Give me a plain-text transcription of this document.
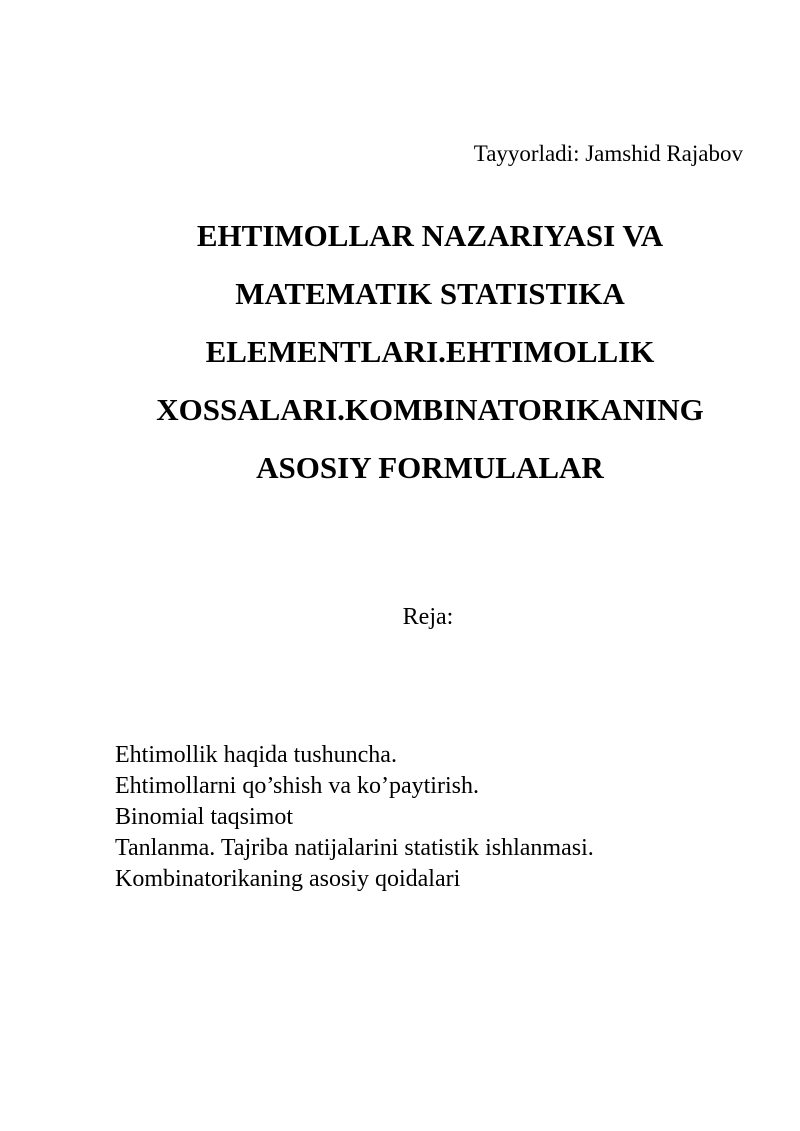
Tayyorladi: Jamshid Rajabov
EHTIMOLLAR NAZARIYASI VA
MATEMATIK STATISTIKA
ELEMENTLARI.EHTIMOLLIK
XOSSALARI.KOMBINATORIKANING
ASOSIY FORMULALAR
Reja:
Ehtimollik haqida tushuncha.
Ehtimollarni qo’shish va ko’paytirish.
Binomial taqsimot
Tanlanma. Tajriba natijalarini statistik ishlanmasi.
Kombinatorikaning asosiy qoidalari
